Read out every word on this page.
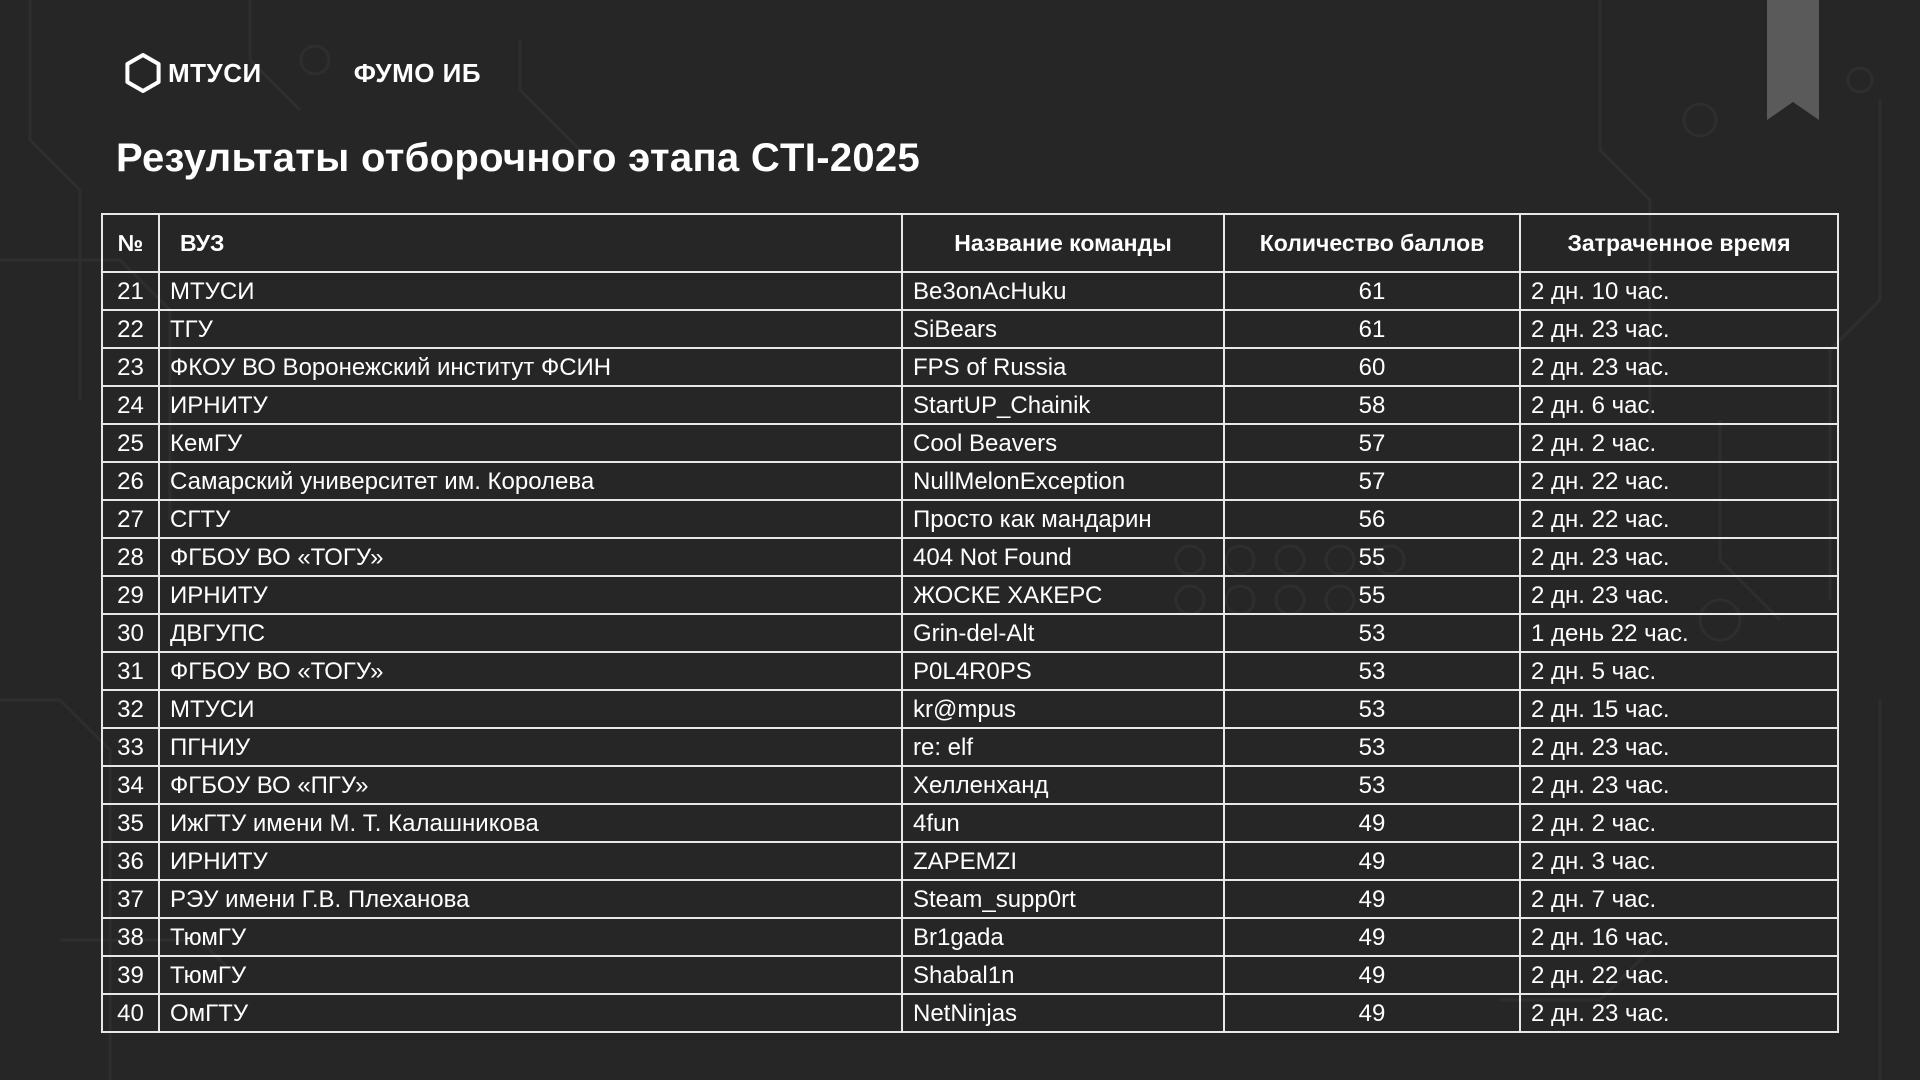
МТУСИ	ФУМО ИБ
Результаты отборочного этапа CTI-2025
№	ВУЗ	Название команды	Количество баллов	Затраченное время
21	МТУСИ	Be3onAcHuku	61	2 дн. 10 час.
22	ТГУ	SiBears	61	2 дн. 23 час.
23	ФКОУ ВО Воронежский институт ФСИН	FPS of Russia	60	2 дн. 23 час.
24	ИРНИТУ	StartUP_Chainik	58	2 дн. 6 час.
25	КемГУ	Cool Beavers	57	2 дн. 2 час.
26	Самарский университет им. Королева	NullMelonException	57	2 дн. 22 час.
27	СГТУ	Просто как мандарин	56	2 дн. 22 час.
28	ФГБОУ ВО «ТОГУ»	404 Not Found	55	2 дн. 23 час.
29	ИРНИТУ	ЖОСКЕ ХАКЕРС	55	2 дн. 23 час.
30	ДВГУПС	Grin-del-Alt	53	1 день 22 час.
31	ФГБОУ ВО «ТОГУ»	P0L4R0PS	53	2 дн. 5 час.
32	МТУСИ	kr@mpus	53	2 дн. 15 час.
33	ПГНИУ	re: elf	53	2 дн. 23 час.
34	ФГБОУ ВО «ПГУ»	Хелленханд	53	2 дн. 23 час.
35	ИжГТУ имени М. Т. Калашникова	4fun	49	2 дн. 2 час.
36	ИРНИТУ	ZAPEMZI	49	2 дн. 3 час.
37	РЭУ имени Г.В. Плеханова	Steam_supp0rt	49	2 дн. 7 час.
38	ТюмГУ	Br1gada	49	2 дн. 16 час.
39	ТюмГУ	Shabal1n	49	2 дн. 22 час.
40	ОмГТУ	NetNinjas	49	2 дн. 23 час.
